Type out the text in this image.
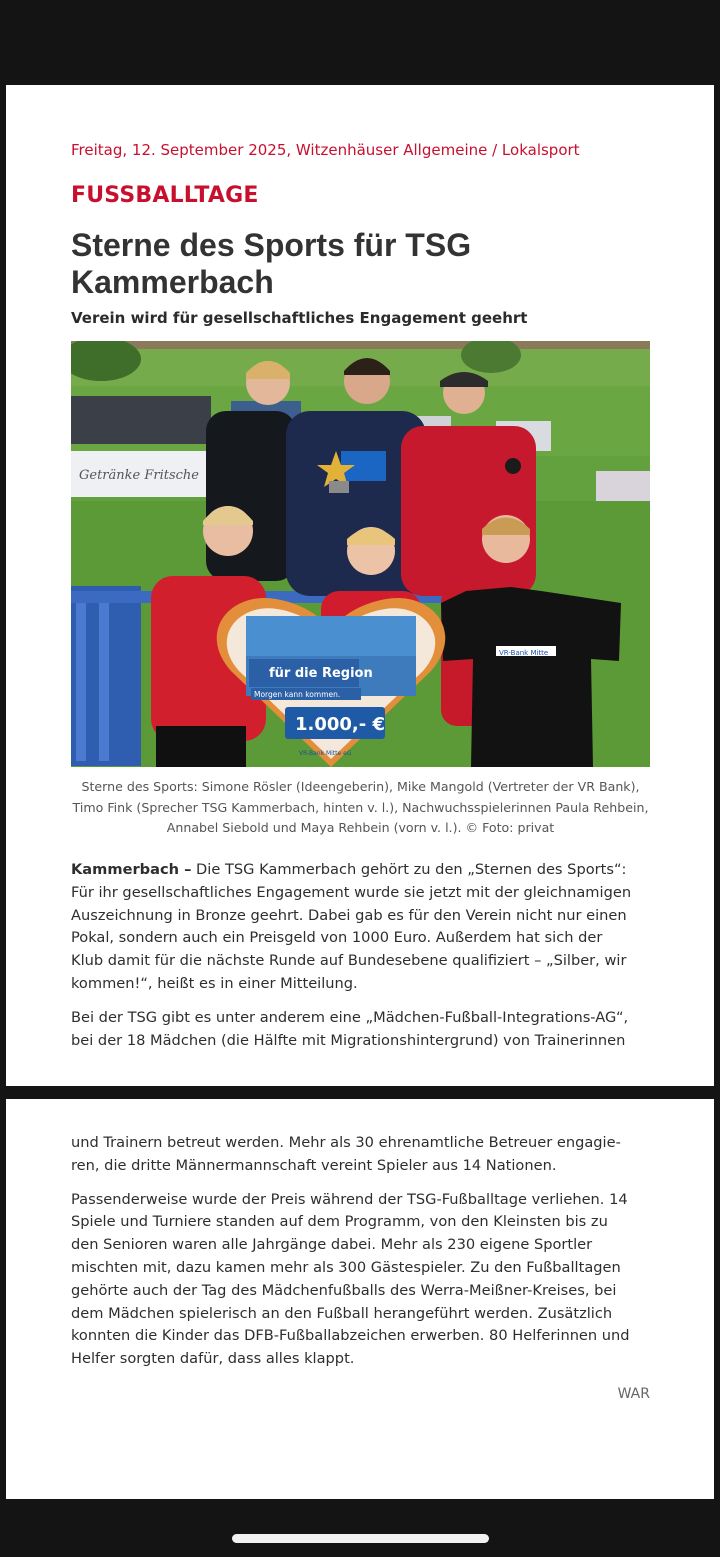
Freitag, 12. September 2025, Witzenhäuser Allgemeine / Lokalsport
FUSSBALLTAGE
Sterne des Sports für TSG Kammerbach
Verein wird für gesellschaftliches Engagement geehrt
Getränke Fritsche
VR-Bank Mitte
für die Region
Morgen kann kommen.
1.000,- €
VR-Bank Mitte eG
Sterne des Sports: Simone Rösler (Ideengeberin), Mike Mangold (Vertreter der VR Bank), Timo Fink (Sprecher TSG Kammerbach, hinten v. l.), Nachwuchsspielerinnen Paula Rehbein, Annabel Siebold und Maya Rehbein (vorn v. l.). © Foto: privat

Kammerbach – Die TSG Kammerbach gehört zu den „Sternen des Sports“:
Für ihr gesellschaftliches Engagement wurde sie jetzt mit der gleichnamigen
Auszeichnung in Bronze geehrt. Dabei gab es für den Verein nicht nur einen
Pokal, sondern auch ein Preisgeld von 1000 Euro. Außerdem hat sich der
Klub damit für die nächste Runde auf Bundesebene qualifiziert – „Silber, wir
kommen!“, heißt es in einer Mitteilung.

Bei der TSG gibt es unter anderem eine „Mädchen-Fußball-Integrations-AG“,
bei der 18 Mädchen (die Hälfte mit Migrationshintergrund) von Trainerinnen

und Trainern betreut werden. Mehr als 30 ehrenamtliche Betreuer engagie-
ren, die dritte Männermannschaft vereint Spieler aus 14 Nationen.

Passenderweise wurde der Preis während der TSG-Fußballtage verliehen. 14
Spiele und Turniere standen auf dem Programm, von den Kleinsten bis zu
den Senioren waren alle Jahrgänge dabei. Mehr als 230 eigene Sportler
mischten mit, dazu kamen mehr als 300 Gästespieler. Zu den Fußballtagen
gehörte auch der Tag des Mädchenfußballs des Werra-Meißner-Kreises, bei
dem Mädchen spielerisch an den Fußball herangeführt werden. Zusätzlich
konnten die Kinder das DFB-Fußballabzeichen erwerben. 80 Helferinnen und
Helfer sorgten dafür, dass alles klappt.

WAR
